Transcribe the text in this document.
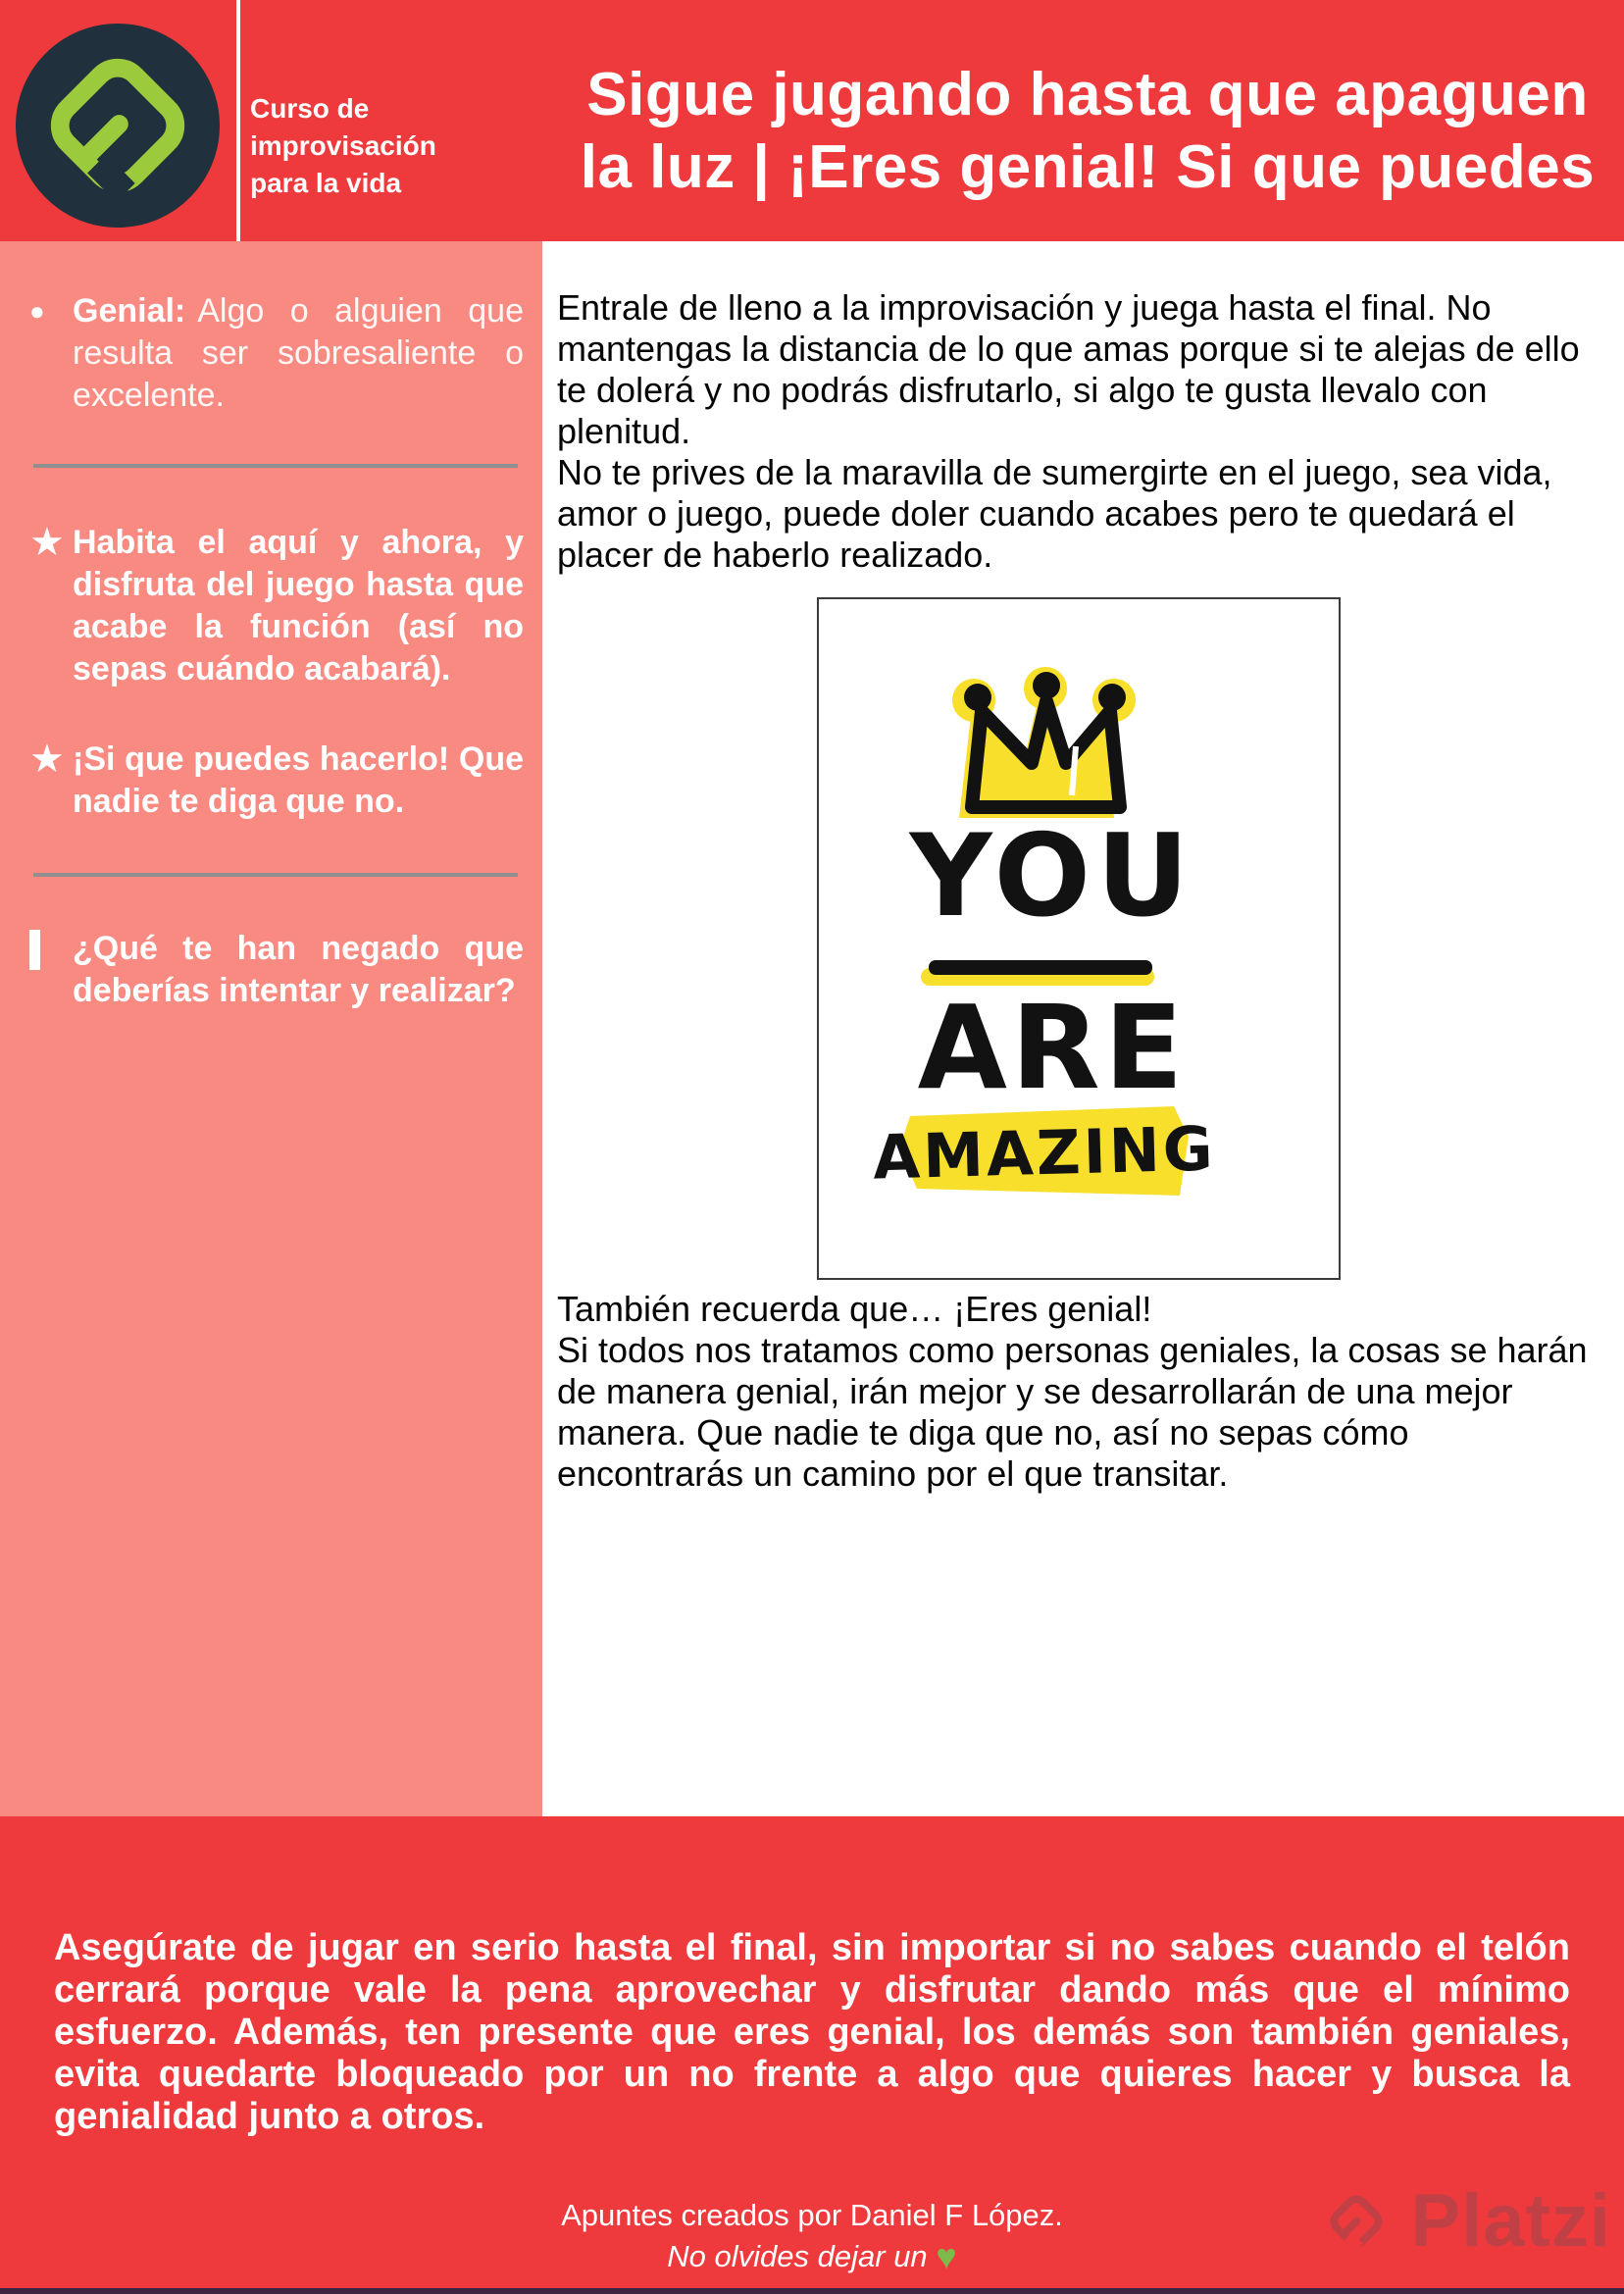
Curso de improvisación
para la vida
Sigue jugando hasta que apaguen
la luz | ¡Eres genial! Si que puedes
● Genial: Algo o alguien que resulta ser sobresaliente o excelente.

★ Habita el aquí y ahora, y disfruta del juego hasta que acabe la función (así no sepas cuándo acabará).

★ ¡Si que puedes hacerlo! Que nadie te diga que no.

¿Qué te han negado que deberías intentar y realizar?

Entrale de lleno a la improvisación y juega hasta el final. No mantengas la distancia de lo que amas porque si te alejas de ello te dolerá y no podrás disfrutarlo, si algo te gusta llevalo con plenitud.

No te prives de la maravilla de sumergirte en el juego, sea vida, amor o juego, puede doler cuando acabes pero te quedará el placer de haberlo realizado.

YOU
ARE
AMAZING

También recuerda que… ¡Eres genial!

Si todos nos tratamos como personas geniales, la cosas se harán de manera genial, irán mejor y se desarrollarán de una mejor manera. Que nadie te diga que no, así no sepas cómo encontrarás un camino por el que transitar.

Asegúrate de jugar en serio hasta el final, sin importar si no sabes cuando el telón cerrará porque vale la pena aprovechar y disfrutar dando más que el mínimo esfuerzo. Además, ten presente que eres genial, los demás son también geniales, evita quedarte bloqueado por un no frente a algo que quieres hacer y busca la genialidad junto a otros.

Apuntes creados por Daniel F López.
No olvides dejar un ♥	Platzi
